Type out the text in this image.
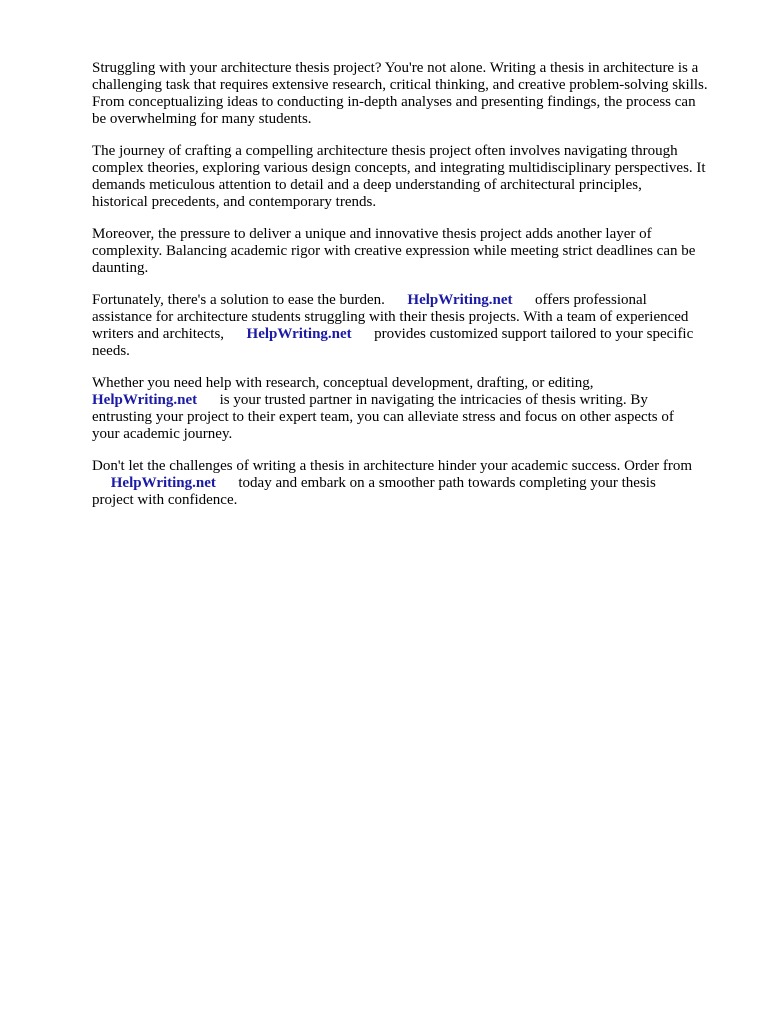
Struggling with your architecture thesis project? You're not alone. Writing a thesis in architecture is a
challenging task that requires extensive research, critical thinking, and creative problem-solving skills.
From conceptualizing ideas to conducting in-depth analyses and presenting findings, the process can
be overwhelming for many students.

The journey of crafting a compelling architecture thesis project often involves navigating through
complex theories, exploring various design concepts, and integrating multidisciplinary perspectives. It
demands meticulous attention to detail and a deep understanding of architectural principles,
historical precedents, and contemporary trends.

Moreover, the pressure to deliver a unique and innovative thesis project adds another layer of
complexity. Balancing academic rigor with creative expression while meeting strict deadlines can be
daunting.

Fortunately, there's a solution to ease the burden.      HelpWriting.net      offers professional
assistance for architecture students struggling with their thesis projects. With a team of experienced
writers and architects,      HelpWriting.net      provides customized support tailored to your specific
needs.

Whether you need help with research, conceptual development, drafting, or editing,
HelpWriting.net      is your trusted partner in navigating the intricacies of thesis writing. By
entrusting your project to their expert team, you can alleviate stress and focus on other aspects of
your academic journey.

Don't let the challenges of writing a thesis in architecture hinder your academic success. Order from
HelpWriting.net      today and embark on a smoother path towards completing your thesis
project with confidence.
